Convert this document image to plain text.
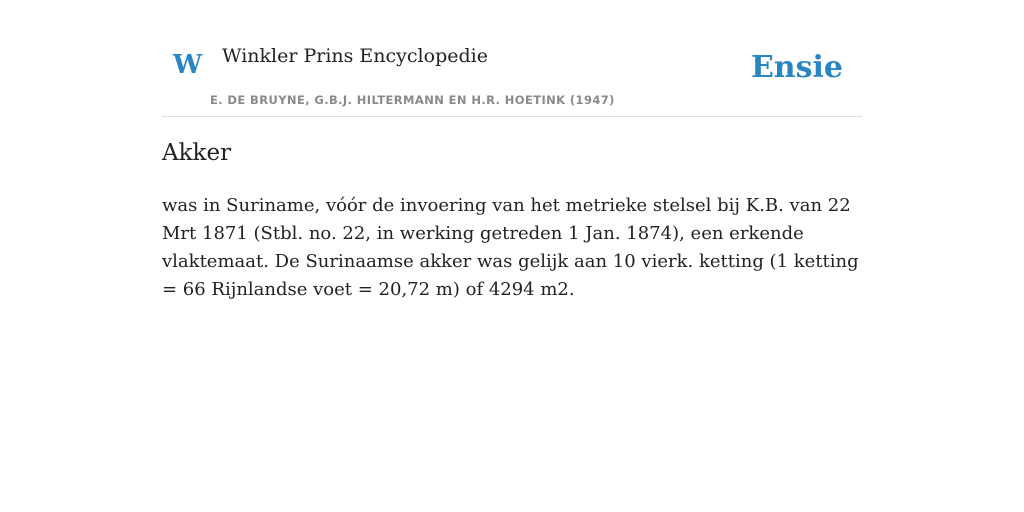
W Winkler Prins Encyclopedie
E. DE BRUYNE, G.B.J. HILTERMANN EN H.R. HOETINK (1947)
Ensie
Akker

was in Suriname, vóór de invoering van het metrieke stelsel bij K.B. van 22 Mrt 1871 (Stbl. no. 22, in werking getreden 1 Jan. 1874), een erkende vlaktemaat. De Surinaamse akker was gelijk aan 10 vierk. ketting (1 ketting = 66 Rijnlandse voet = 20,72 m) of 4294 m2.
